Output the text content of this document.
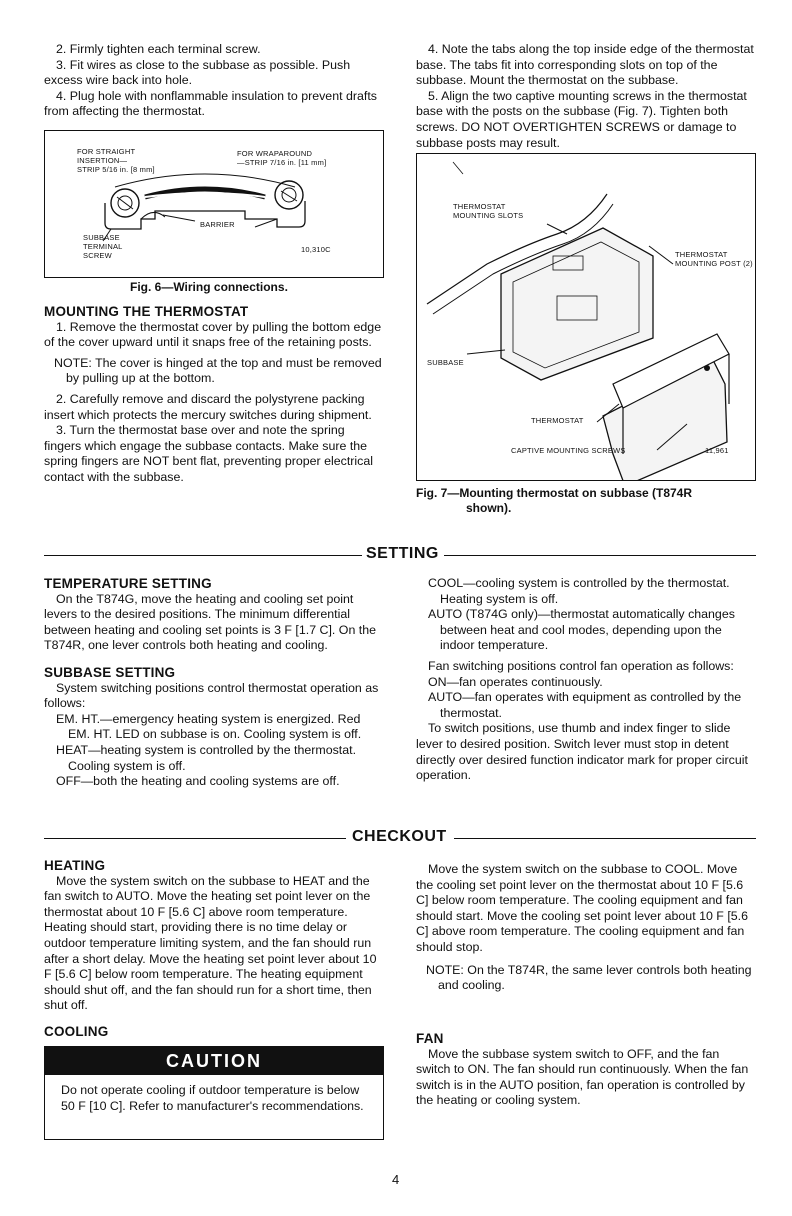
2. Firmly tighten each terminal screw.

3. Fit wires as close to the subbase as possible. Push excess wire back into hole.

4. Plug hole with nonflammable insulation to prevent drafts from affecting the thermostat.

FOR STRAIGHT
INSERTION—
STRIP 5/16 in. [8 mm]
FOR WRAPAROUND
—STRIP 7/16 in. [11 mm]
BARRIER
SUBBASE
TERMINAL
SCREW
10,310C
Fig. 6—Wiring connections.
MOUNTING THE THERMOSTAT

1. Remove the thermostat cover by pulling the bottom edge of the cover upward until it snaps free of the retaining posts.

NOTE: The cover is hinged at the top and must be removed by pulling up at the bottom.

2. Carefully remove and discard the polystyrene packing insert which protects the mercury switches during shipment.

3. Turn the thermostat base over and note the spring fingers which engage the subbase contacts. Make sure the spring fingers are NOT bent flat, preventing proper electrical contact with the subbase.

4. Note the tabs along the top inside edge of the thermostat base. The tabs fit into corresponding slots on top of the subbase. Mount the thermostat on the subbase.

5. Align the two captive mounting screws in the thermostat base with the posts on the subbase (Fig. 7). Tighten both screws. DO NOT OVERTIGHTEN SCREWS or damage to subbase posts may result.

THERMOSTAT
MOUNTING SLOTS
THERMOSTAT
MOUNTING POST (2)
SUBBASE
THERMOSTAT
CAPTIVE MOUNTING SCREWS	11,961
Fig. 7—Mounting thermostat on subbase (T874R
shown).
SETTING
TEMPERATURE SETTING

On the T874G, move the heating and cooling set point levers to the desired positions. The minimum differential between heating and cooling set points is 3 F [1.7 C]. On the T874R, one lever controls both heating and cooling.

SUBBASE SETTING

System switching positions control thermostat operation as follows:

EM. HT.—emergency heating system is energized. Red EM. HT. LED on subbase is on. Cooling system is off.

HEAT—heating system is controlled by the thermostat. Cooling system is off.

OFF—both the heating and cooling systems are off.

COOL—cooling system is controlled by the thermostat. Heating system is off.

AUTO (T874G only)—thermostat automatically changes between heat and cool modes, depending upon the indoor temperature.

Fan switching positions control fan operation as follows:

ON—fan operates continuously.

AUTO—fan operates with equipment as controlled by the thermostat.

To switch positions, use thumb and index finger to slide lever to desired position. Switch lever must stop in detent directly over desired function indicator mark for proper circuit operation.

CHECKOUT
HEATING

Move the system switch on the subbase to HEAT and the fan switch to AUTO. Move the heating set point lever on the thermostat about 10 F [5.6 C] above room temperature. Heating should start, providing there is no time delay or outdoor temperature limiting system, and the fan should run after a short delay. Move the heating set point lever about 10 F [5.6 C] below room temperature. The heating equipment should shut off, and the fan should run for a short time, then shut off.

COOLING
CAUTION
Do not operate cooling if outdoor temperature is below 50 F [10 C]. Refer to manufacturer's recommendations.

Move the system switch on the subbase to COOL. Move the cooling set point lever on the thermostat about 10 F [5.6 C] below room temperature. The cooling equipment and fan should start. Move the cooling set point lever about 10 F [5.6 C] above room temperature. The cooling equipment and fan should stop.

NOTE: On the T874R, the same lever controls both heating and cooling.

FAN

Move the subbase system switch to OFF, and the fan switch to ON. The fan should run continuously. When the fan switch is in the AUTO position, fan operation is controlled by the heating or cooling system.

4
